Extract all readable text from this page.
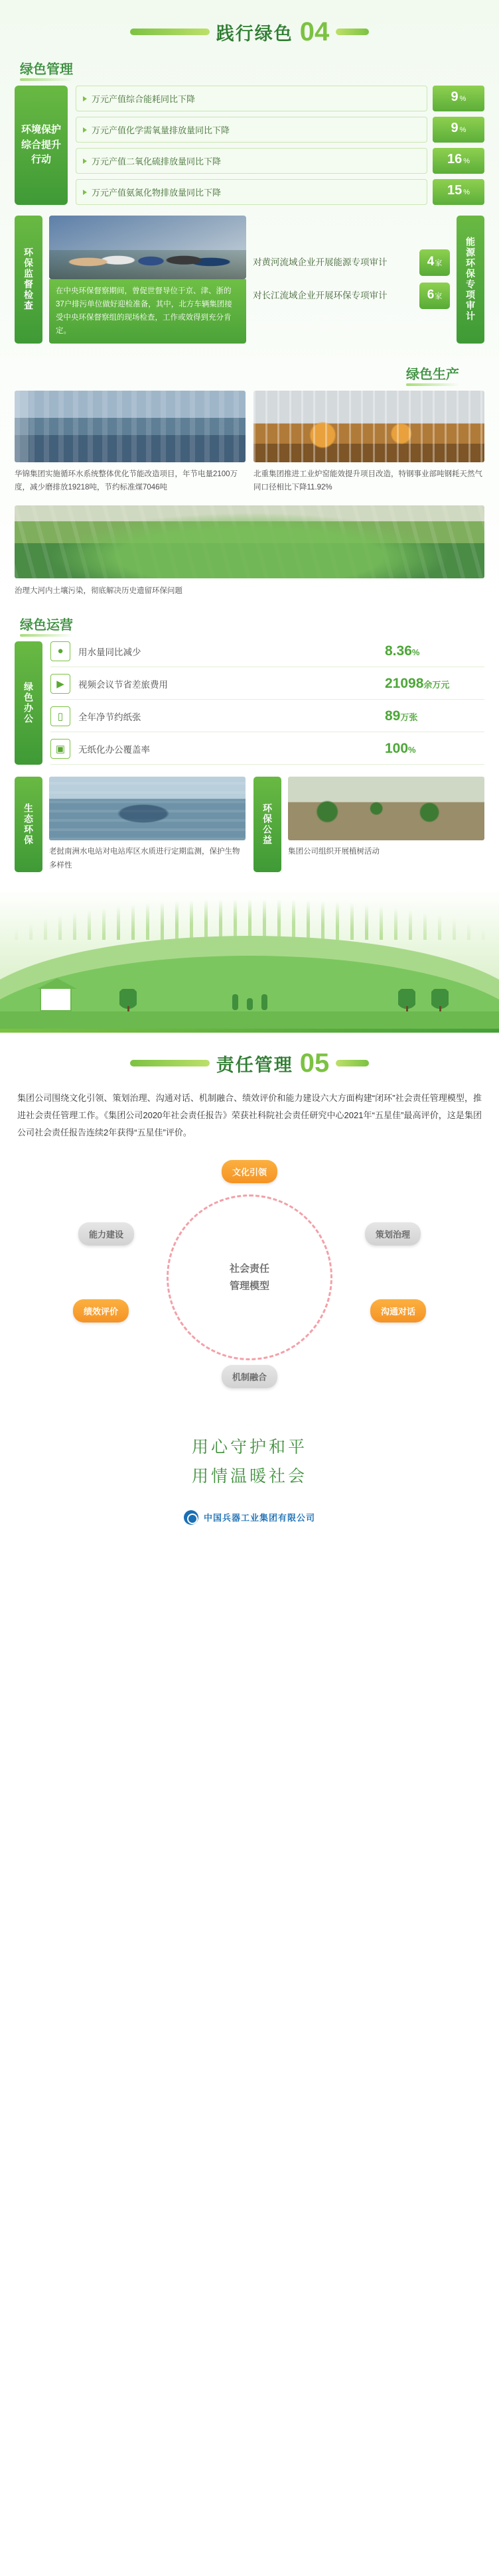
践行绿色 04
绿色管理
环境保护综合提升行动
万元产值综合能耗同比下降	9 %
万元产值化学需氧量排放量同比下降	9 %
万元产值二氧化硫排放量同比下降	16 %
万元产值氨氮化物排放量同比下降	15 %
环保监督检查	在中央环保督察期间，曾促世督导位于京、津、浙的37户排污单位做好迎检准备，其中，北方车辆集团接受中央环保督察组的现场检查，工作或效得到充分肯定。
对黄河流域企业开展能源专项审计	4 家
对长江流域企业开展环保专项审计	6 家	能源环保专项审计
绿色生产
华锦集团实施循环水系统整体优化节能改造项目，年节电量2100万度，减少磨排放19218吨，节约标准煤7046吨
北重集团推进工业炉窑能效提升项目改造，特钢事业部吨钢耗天然气同口径相比下降11.92%
治理大河内土壤污染，彻底解决历史遗留环保问题
绿色运营
绿色办公
●	用水量同比减少	8.36%
▶	视频会议节省差旅费用	21098余万元
▯	全年净节约纸张	89万张
▣	无纸化办公覆盖率	100%
生态环保
老挝南洲水电站对电站库区水质进行定期监测，保护生物多样性
环保公益
集团公司组织开展植树活动
责任管理 05
集团公司围绕文化引领、策划治理、沟通对话、机制融合、绩效评价和能力建设六大方面构建“闭环”社会责任管理模型，推进社会责任管理工作。《集团公司2020年社会责任报告》荣获社科院社会责任研究中心2021年“五星佳”最高评价，这是集团公司社会责任报告连续2年获得“五星佳”评价。
社会责任
管理模型
文化引领
策划治理
沟通对话
机制融合
绩效评价
能力建设
用心守护和平
用情温暖社会
中国兵器工业集团有限公司
